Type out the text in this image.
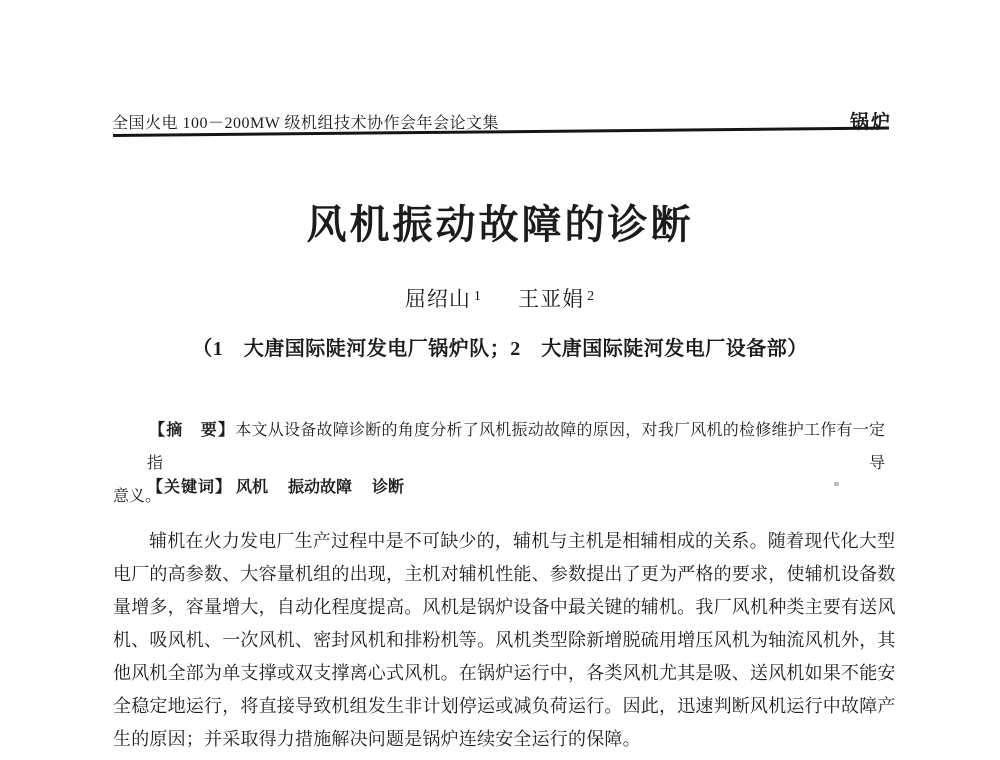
全国火电 100－200MW 级机组技术协作会年会论文集	锅炉
风机振动故障的诊断
屈绍山 $^1$ 王亚娟 $^2$
（1　大唐国际陡河发电厂锅炉队；2　大唐国际陡河发电厂设备部）
【摘　要】本文从设备故障诊断的角度分析了风机振动故障的原因，对我厂风机的检修维护工作有一定指导
意义。
【关键词】 风机 振动故障 诊断
辅机在火力发电厂生产过程中是不可缺少的，辅机与主机是相辅相成的关系。随着现代化大型
电厂的高参数、大容量机组的出现，主机对辅机性能、参数提出了更为严格的要求，使辅机设备数
量增多，容量增大，自动化程度提高。风机是锅炉设备中最关键的辅机。我厂风机种类主要有送风
机、吸风机、一次风机、密封风机和排粉机等。风机类型除新增脱硫用增压风机为轴流风机外，其
他风机全部为单支撑或双支撑离心式风机。在锅炉运行中，各类风机尤其是吸、送风机如果不能安
全稳定地运行，将直接导致机组发生非计划停运或减负荷运行。因此，迅速判断风机运行中故障产
生的原因；并采取得力措施解决问题是锅炉连续安全运行的保障。
